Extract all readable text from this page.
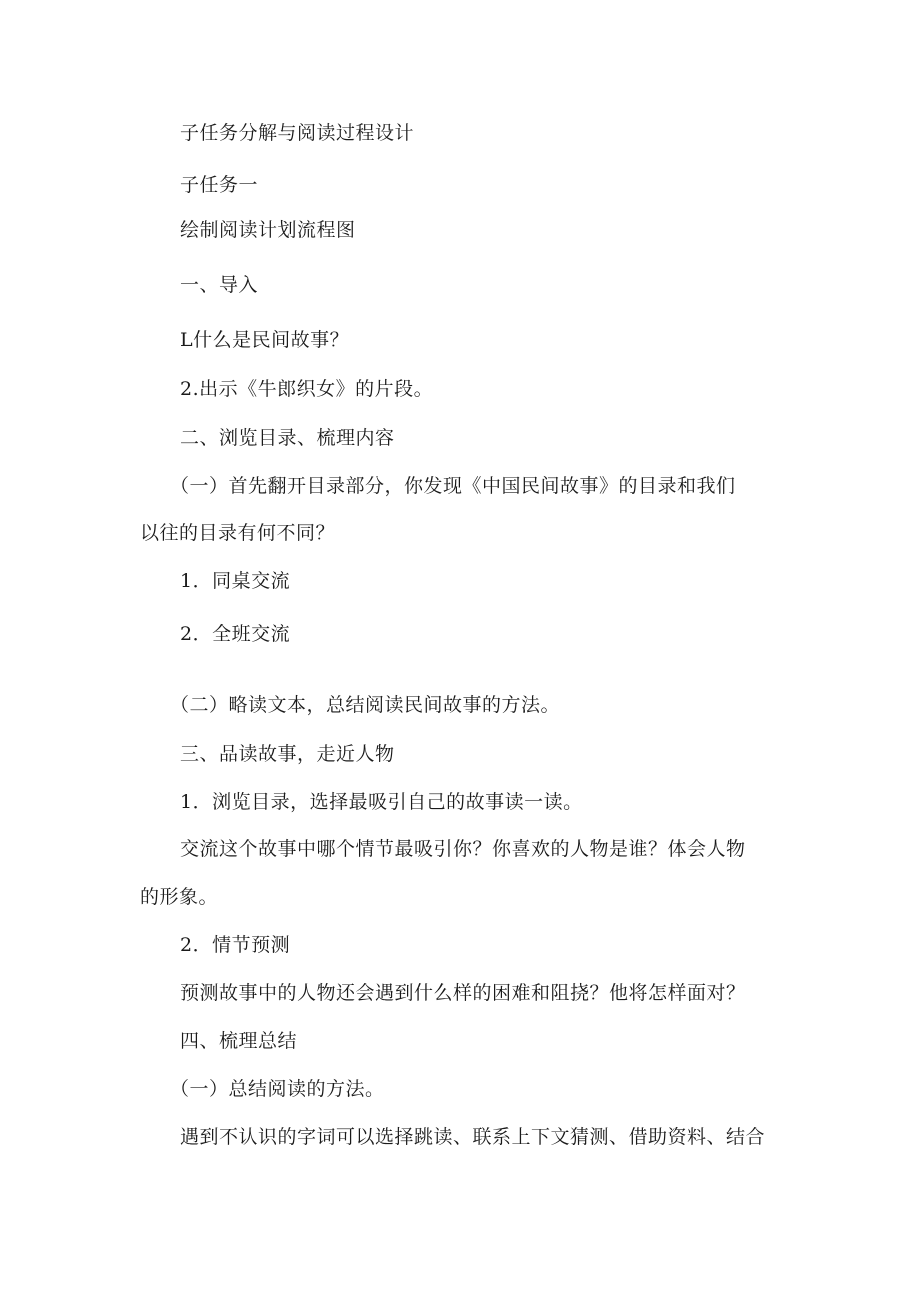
子任务分解与阅读过程设计
子任务一
绘制阅读计划流程图
一、导入
L什么是民间故事？
2.出示《牛郎织女》的片段。
二、浏览目录、梳理内容
（一）首先翻开目录部分，你发现《中国民间故事》的目录和我们
以往的目录有何不同？
1．同桌交流
2．全班交流
（二）略读文本，总结阅读民间故事的方法。
三、品读故事，走近人物
1．浏览目录，选择最吸引自己的故事读一读。
交流这个故事中哪个情节最吸引你？你喜欢的人物是谁？体会人物
的形象。
2．情节预测
预测故事中的人物还会遇到什么样的困难和阻挠？他将怎样面对？
四、梳理总结
（一）总结阅读的方法。
遇到不认识的字词可以选择跳读、联系上下文猜测、借助资料、结合
